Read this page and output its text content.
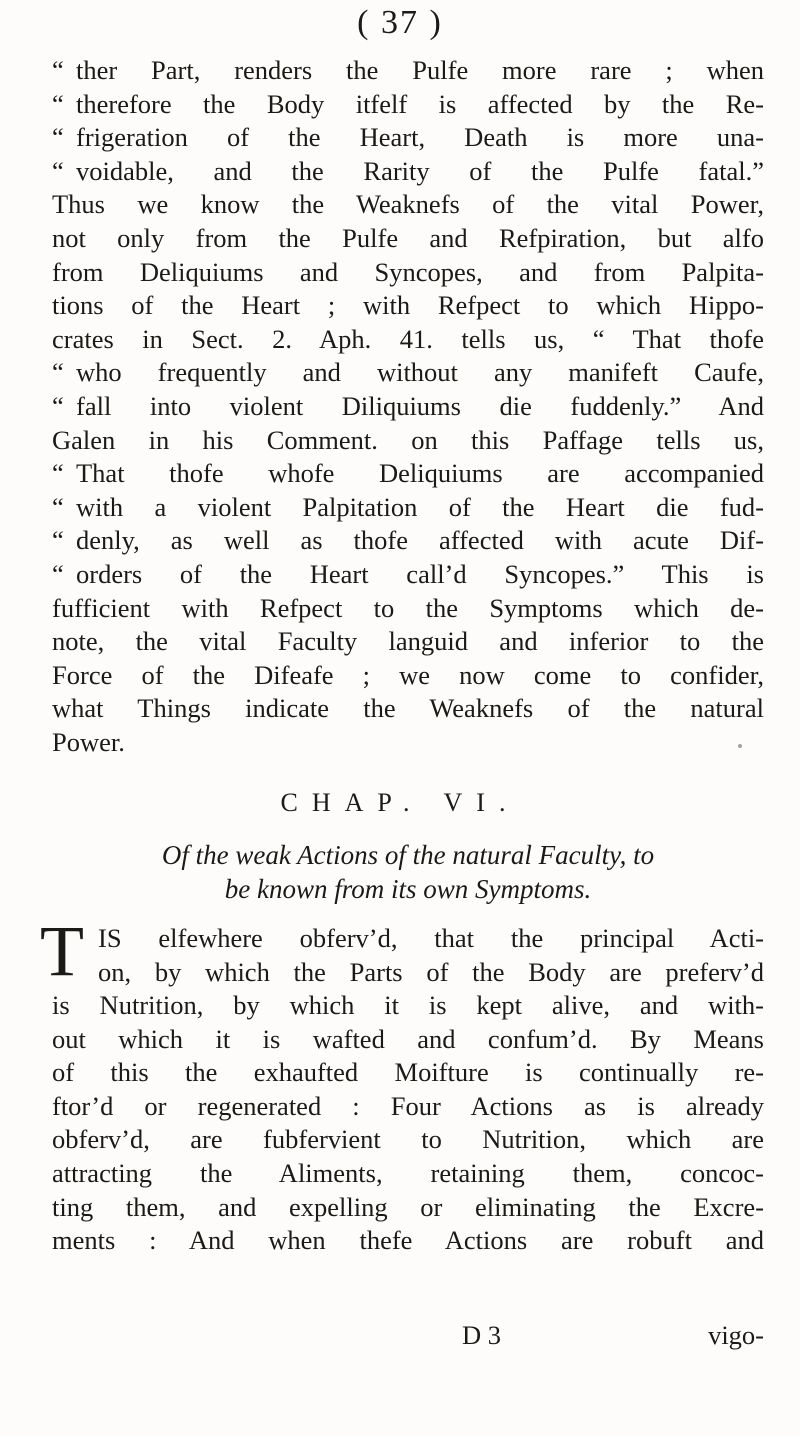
( 37 )
“ ther Part, renders the Pulfe more rare ; when
“ therefore the Body itfelf is affected by the Re-
“ frigeration of the Heart, Death is more una-
“ voidable, and the Rarity of the Pulfe fatal.”
Thus we know the Weaknefs of the vital Power,
not only from the Pulfe and Refpiration, but alfo
from Deliquiums and Syncopes, and from Palpita-
tions of the Heart ; with Refpect to which Hippo-
crates in Sect. 2. Aph. 41. tells us, “ That thofe
“ who frequently and without any manifeft Caufe,
“ fall into violent Diliquiums die fuddenly.” And
Galen in his Comment. on this Paffage tells us,
“ That thofe whofe Deliquiums are accompanied
“ with a violent Palpitation of the Heart die fud-
“ denly, as well as thofe affected with acute Dif-
“ orders of the Heart call’d Syncopes.” This is
fufficient with Refpect to the Symptoms which de-
note, the vital Faculty languid and inferior to the
Force of the Difeafe ; we now come to confider,
what Things indicate the Weaknefs of the natural
Power.
CHAP. VI.
Of the weak Actions of the natural Faculty, to
be known from its own Symptoms.
T IS elfewhere obferv’d, that the principal Acti-
on, by which the Parts of the Body are preferv’d
is Nutrition, by which it is kept alive, and with-
out which it is wafted and confum’d. By Means
of this the exhaufted Moifture is continually re-
ftor’d or regenerated : Four Actions as is already
obferv’d, are fubfervient to Nutrition, which are
attracting the Aliments, retaining them, concoc-
ting them, and expelling or eliminating the Excre-
ments : And when thefe Actions are robuft and
D 3	vigo-
